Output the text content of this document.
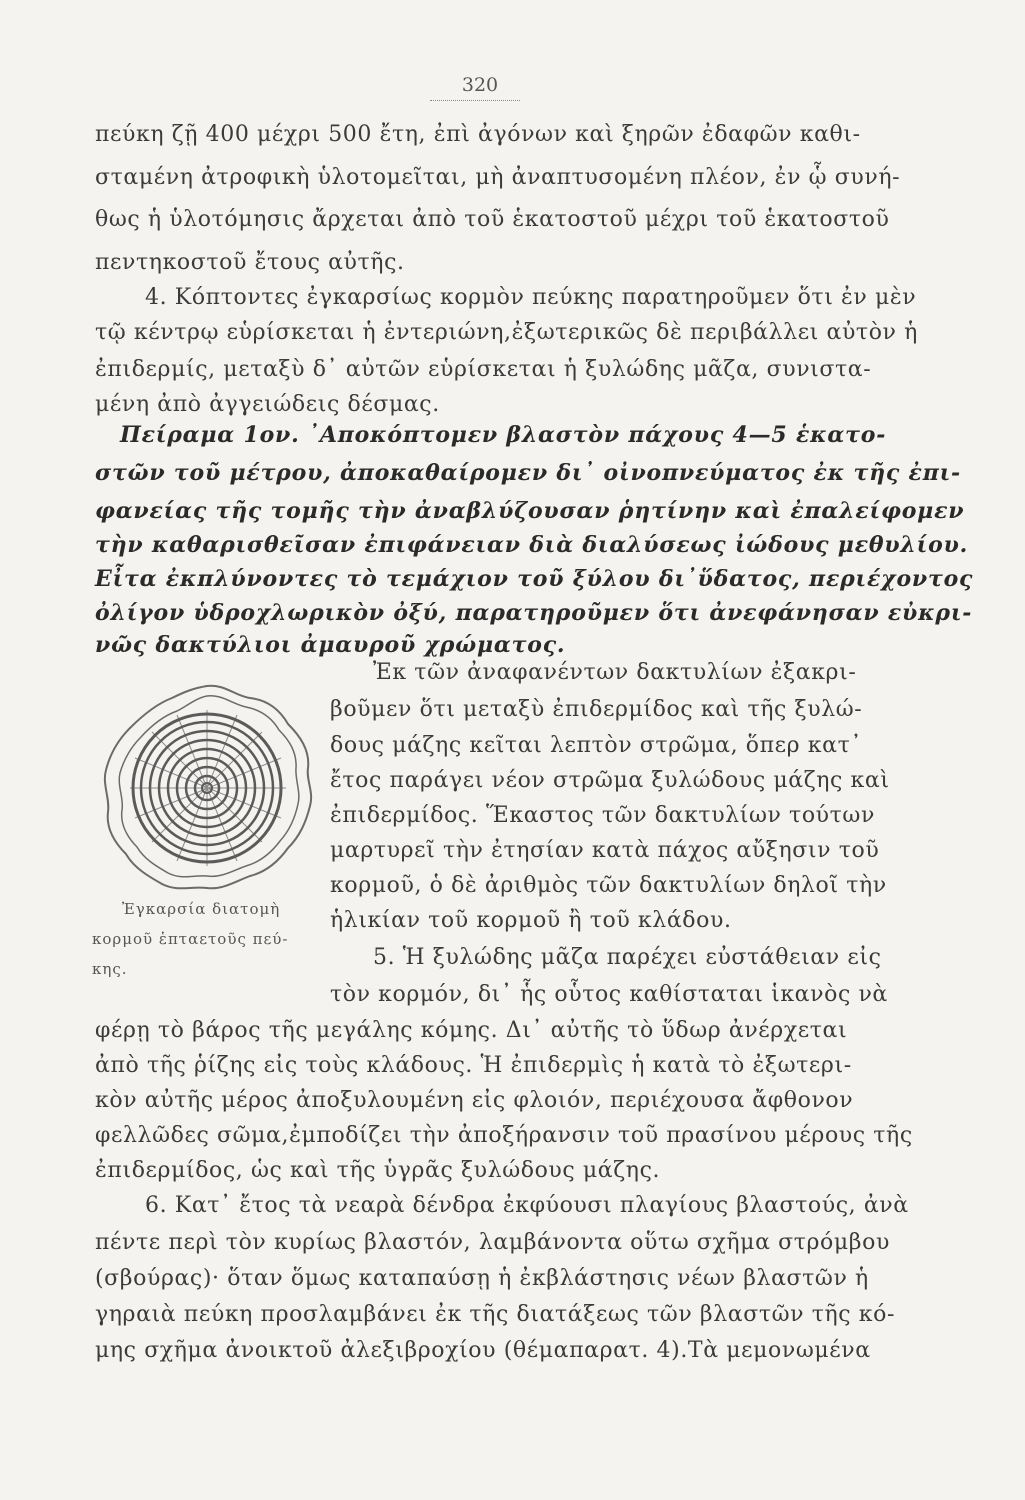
320
πεύκη ζῇ 400 μέχρι 500 ἔτη, ἐπὶ ἀγόνων καὶ ξηρῶν ἐδαφῶν καθι-
σταμένη ἀτροφικὴ ὑλοτομεῖται, μὴ ἀναπτυσομένη πλέον, ἐν ᾧ συνή-
θως ἡ ὑλοτόμησις ἄρχεται ἀπὸ τοῦ ἑκατοστοῦ μέχρι τοῦ ἑκατοστοῦ
πεντηκοστοῦ ἔτους αὐτῆς.
4. Κόπτοντες ἐγκαρσίως κορμὸν πεύκης παρατηροῦμεν ὅτι ἐν μὲν
τῷ κέντρῳ εὑρίσκεται ἡ ἐντεριώνη,ἐξωτερικῶς δὲ περιβάλλει αὐτὸν ἡ
ἐπιδερμίς, μεταξὺ δ᾽ αὐτῶν εὑρίσκεται ἡ ξυλώδης μᾶζα, συνιστα-
μένη ἀπὸ ἀγγειώδεις δέσμας.
Πείραμα 1ον. ᾿Αποκόπτομεν βλαστὸν πάχους 4—5 ἑκατο-
στῶν τοῦ μέτρου, ἀποκαθαίρομεν δι᾽ οἰνοπνεύματος ἐκ τῆς ἐπι-
φανείας τῆς τομῆς τὴν ἀναβλύζουσαν ῥητίνην καὶ ἐπαλείφομεν
τὴν καθαρισθεῖσαν ἐπιφάνειαν διὰ διαλύσεως ἰώδους μεθυλίου.
Εἶτα ἐκπλύνοντες τὸ τεμάχιον τοῦ ξύλου δι᾽ὕδατος, περιέχοντος
ὀλίγον ὑδροχλωρικὸν ὀξύ, παρατηροῦμεν ὅτι ἀνεφάνησαν εὐκρι-
νῶς δακτύλιοι ἀμαυροῦ χρώματος.
Ἐγκαρσία διατομὴ
κορμοῦ ἑπταετοῦς πεύ-
κης.
Ἐκ τῶν ἀναφανέντων δακτυλίων ἐξακρι-
βοῦμεν ὅτι μεταξὺ ἐπιδερμίδος καὶ τῆς ξυλώ-
δους μάζης κεῖται λεπτὸν στρῶμα, ὅπερ κατ᾽
ἔτος παράγει νέον στρῶμα ξυλώδους μάζης καὶ
ἐπιδερμίδος. Ἕκαστος τῶν δακτυλίων τούτων
μαρτυρεῖ τὴν ἐτησίαν κατὰ πάχος αὔξησιν τοῦ
κορμοῦ, ὁ δὲ ἀριθμὸς τῶν δακτυλίων δηλοῖ τὴν
ἡλικίαν τοῦ κορμοῦ ἢ τοῦ κλάδου.
5. Ἡ ξυλώδης μᾶζα παρέχει εὐστάθειαν εἰς
τὸν κορμόν, δι᾽ ἧς οὗτος καθίσταται ἱκανὸς νὰ
φέρῃ τὸ βάρος τῆς μεγάλης κόμης. Δι᾽ αὐτῆς τὸ ὕδωρ ἀνέρχεται
ἀπὸ τῆς ῥίζης εἰς τοὺς κλάδους. Ἡ ἐπιδερμὶς ἡ κατὰ τὸ ἐξωτερι-
κὸν αὐτῆς μέρος ἀποξυλουμένη εἰς φλοιόν, περιέχουσα ἄφθονον
φελλῶδες σῶμα,ἐμποδίζει τὴν ἀποξήρανσιν τοῦ πρασίνου μέρους τῆς
ἐπιδερμίδος, ὡς καὶ τῆς ὑγρᾶς ξυλώδους μάζης.
6. Κατ᾽ ἔτος τὰ νεαρὰ δένδρα ἐκφύουσι πλαγίους βλαστούς, ἀνὰ
πέντε περὶ τὸν κυρίως βλαστόν, λαμβάνοντα οὕτω σχῆμα στρόμβου
(σβούρας)· ὅταν ὅμως καταπαύσῃ ἡ ἐκβλάστησις νέων βλαστῶν ἡ
γηραιὰ πεύκη προσλαμβάνει ἐκ τῆς διατάξεως τῶν βλαστῶν τῆς κό-
μης σχῆμα ἀνοικτοῦ ἀλεξιβροχίου (θέμαπαρατ. 4).Τὰ μεμονωμένα
